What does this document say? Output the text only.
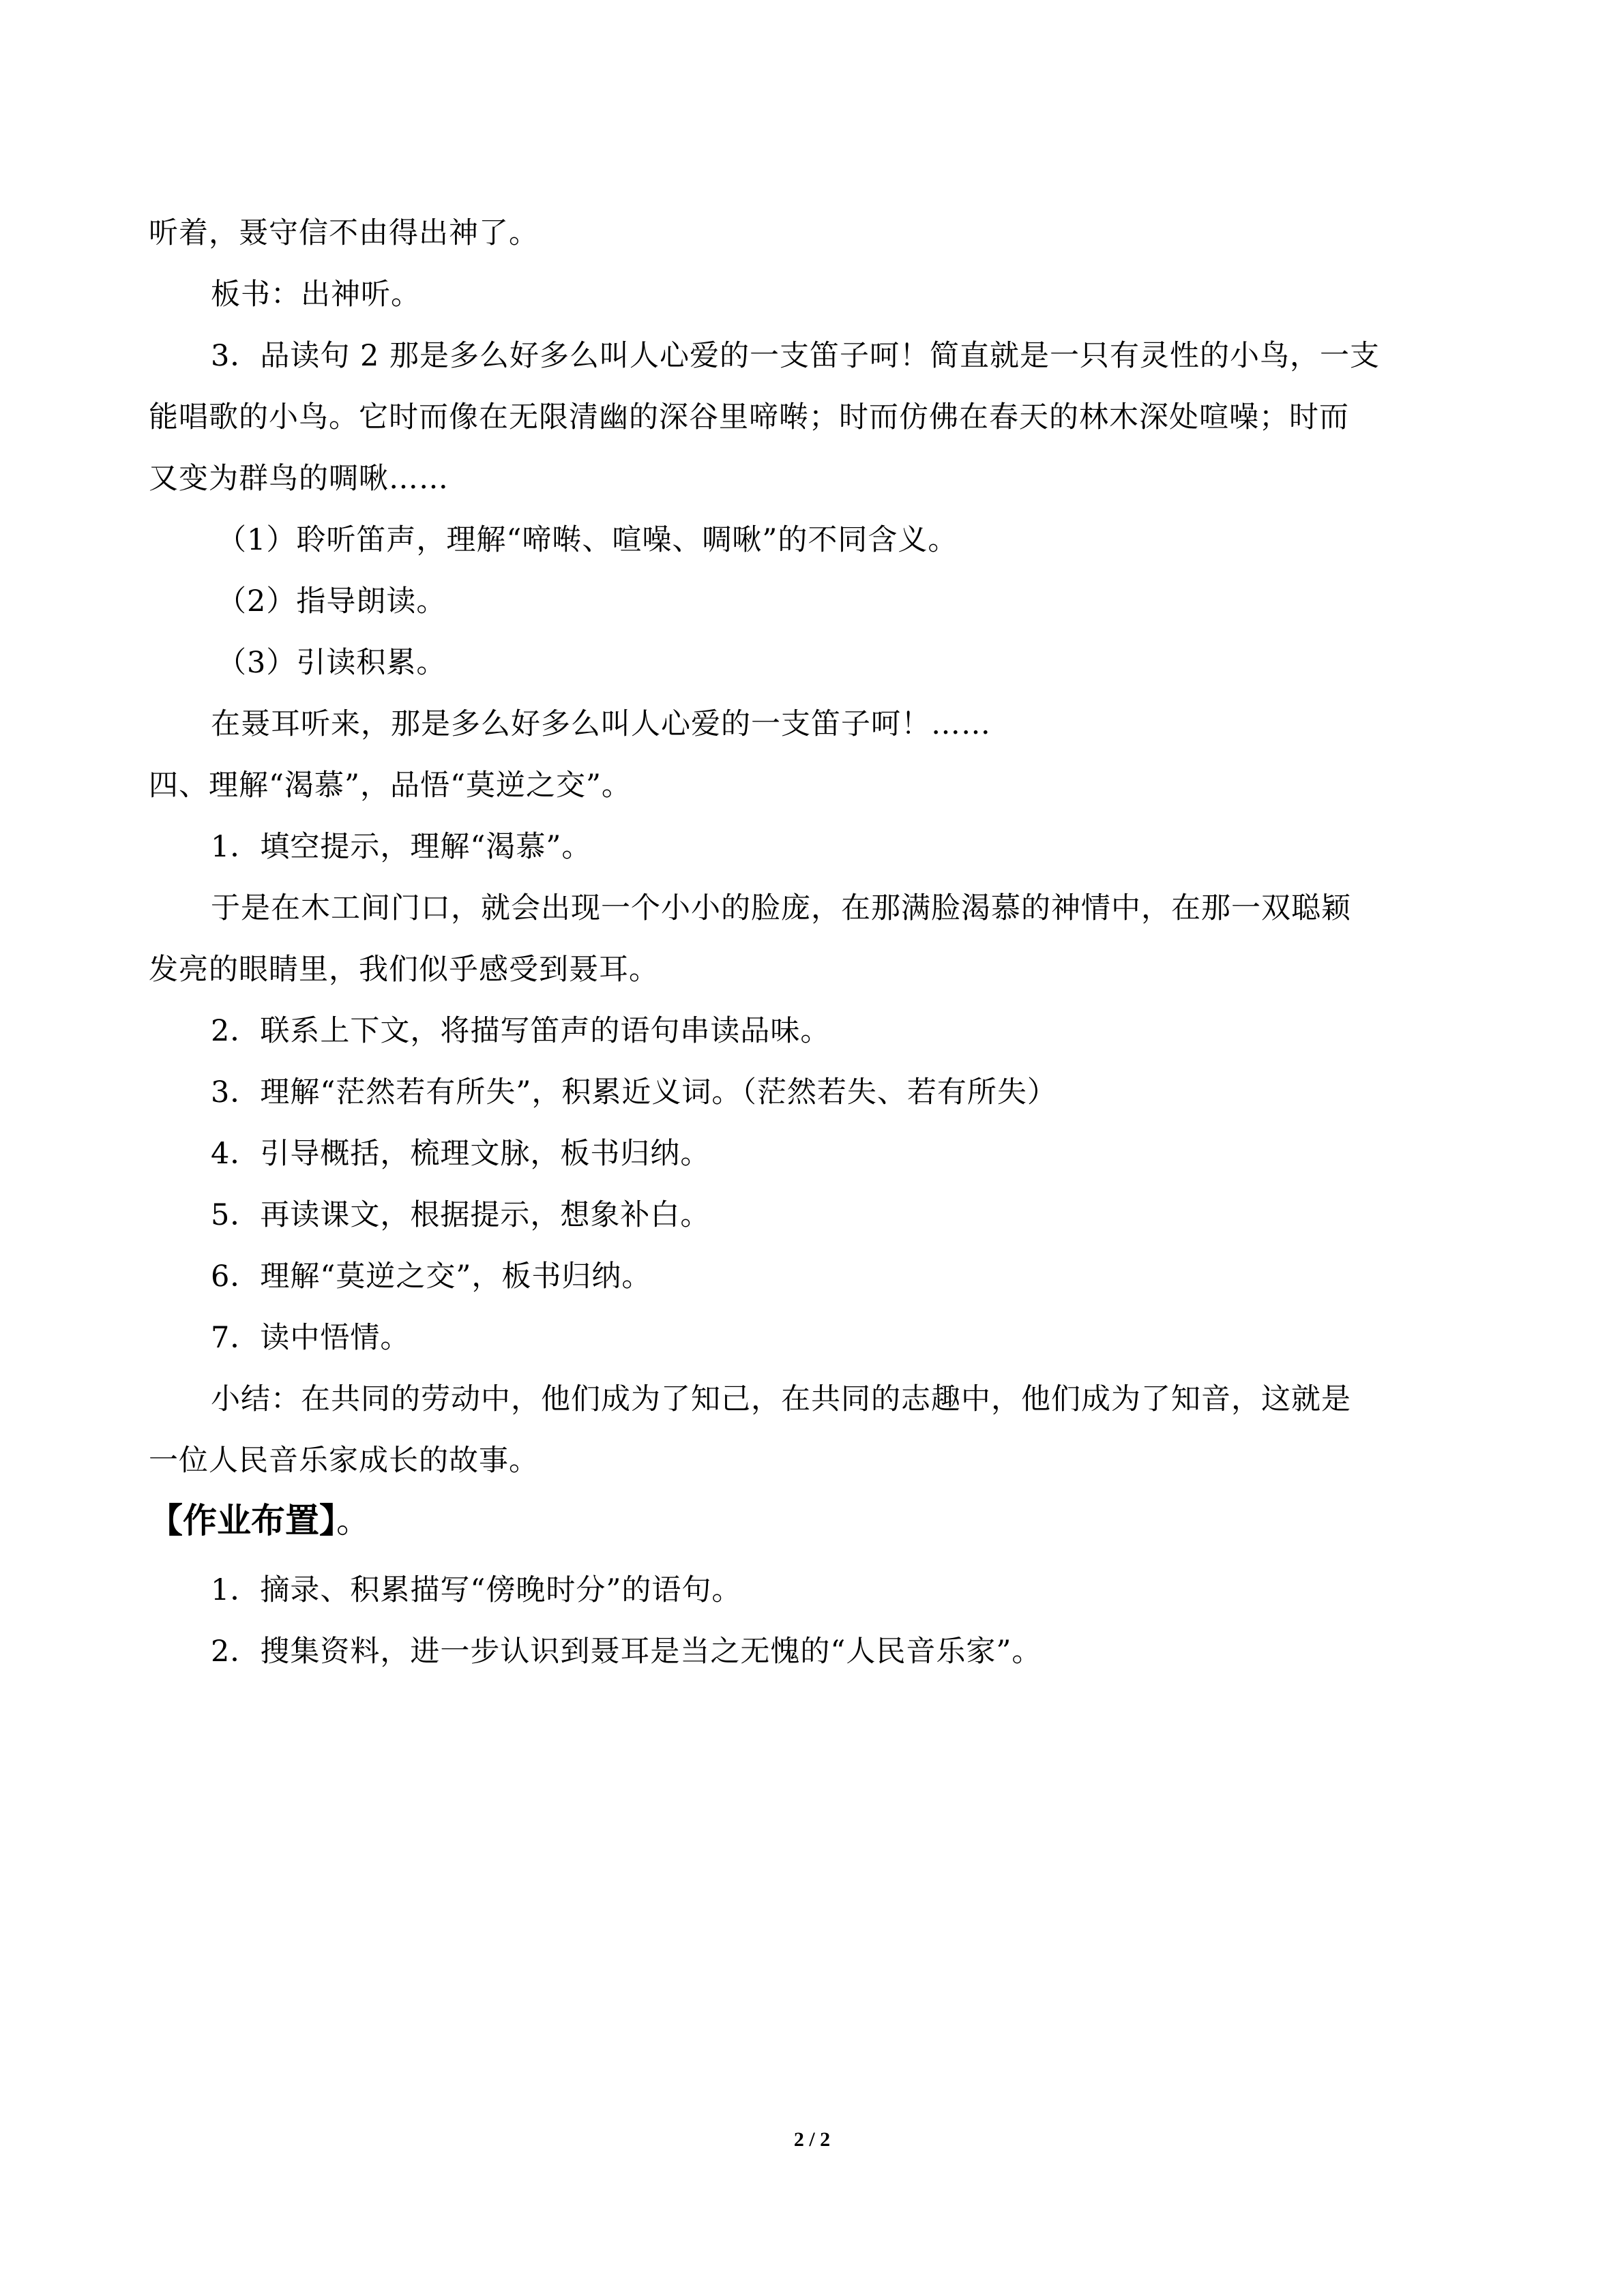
听着，聂守信不由得出神了。
板书：出神听。
3．品读句 2 那是多么好多么叫人心爱的一支笛子呵！简直就是一只有灵性的小鸟，一支
能唱歌的小鸟。它时而像在无限清幽的深谷里啼啭；时而仿佛在春天的林木深处喧噪；时而
又变为群鸟的啁啾……
（1）聆听笛声，理解“啼啭、喧噪、啁啾”的不同含义。
（2）指导朗读。
（3）引读积累。
在聂耳听来，那是多么好多么叫人心爱的一支笛子呵！……
四、理解“渴慕”，品悟“莫逆之交”。
1．填空提示，理解“渴慕”。
于是在木工间门口，就会出现一个小小的脸庞，在那满脸渴慕的神情中，在那一双聪颖
发亮的眼睛里，我们似乎感受到聂耳。
2．联系上下文，将描写笛声的语句串读品味。
3．理解“茫然若有所失”，积累近义词。（茫然若失、若有所失）
4．引导概括，梳理文脉，板书归纳。
5．再读课文，根据提示，想象补白。
6．理解“莫逆之交”，板书归纳。
7．读中悟情。
小结：在共同的劳动中，他们成为了知己，在共同的志趣中，他们成为了知音，这就是
一位人民音乐家成长的故事。
【作业布置】。
1．摘录、积累描写“傍晚时分”的语句。
2．搜集资料，进一步认识到聂耳是当之无愧的“人民音乐家”。
2 / 2
